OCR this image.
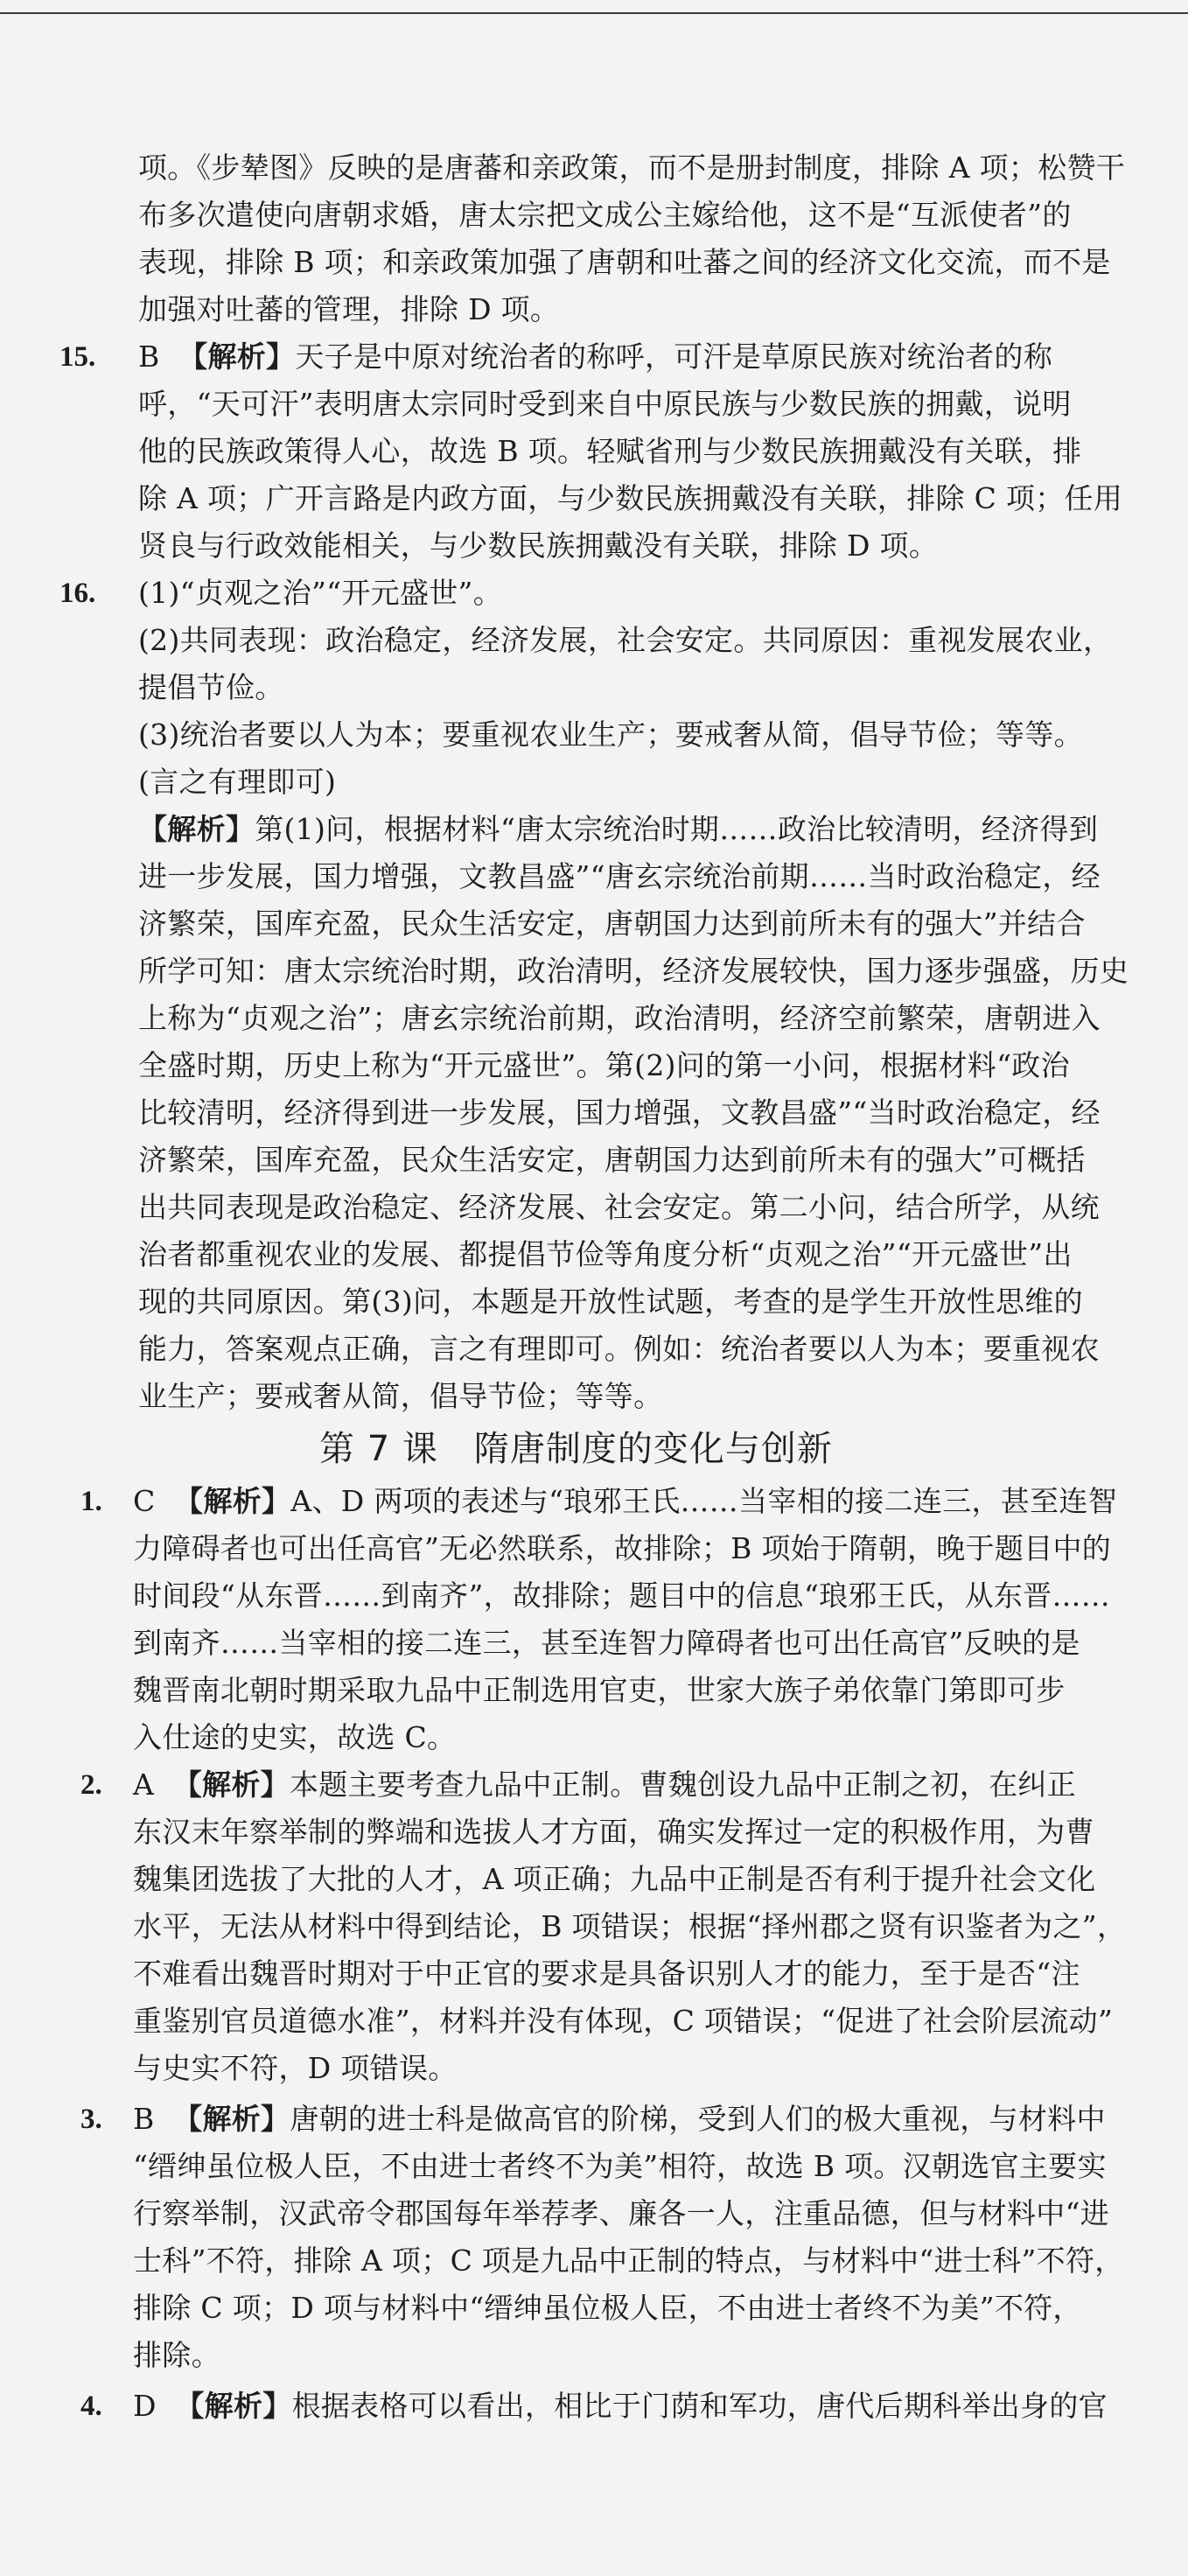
项。《步辇图》反映的是唐蕃和亲政策，而不是册封制度，排除 A 项；松赞干
布多次遣使向唐朝求婚，唐太宗把文成公主嫁给他，这不是“互派使者”的
表现，排除 B 项；和亲政策加强了唐朝和吐蕃之间的经济文化交流，而不是
加强对吐蕃的管理，排除 D 项。
15. B 【解析】天子是中原对统治者的称呼，可汗是草原民族对统治者的称
呼，“天可汗”表明唐太宗同时受到来自中原民族与少数民族的拥戴，说明
他的民族政策得人心，故选 B 项。轻赋省刑与少数民族拥戴没有关联，排
除 A 项；广开言路是内政方面，与少数民族拥戴没有关联，排除 C 项；任用
贤良与行政效能相关，与少数民族拥戴没有关联，排除 D 项。
16. (1)“贞观之治”“开元盛世”。
(2)共同表现：政治稳定，经济发展，社会安定。共同原因：重视发展农业，
提倡节俭。
(3)统治者要以人为本；要重视农业生产；要戒奢从简，倡导节俭；等等。
(言之有理即可)
【解析】第(1)问，根据材料“唐太宗统治时期……政治比较清明，经济得到
进一步发展，国力增强，文教昌盛”“唐玄宗统治前期……当时政治稳定，经
济繁荣，国库充盈，民众生活安定，唐朝国力达到前所未有的强大”并结合
所学可知：唐太宗统治时期，政治清明，经济发展较快，国力逐步强盛，历史
上称为“贞观之治”；唐玄宗统治前期，政治清明，经济空前繁荣，唐朝进入
全盛时期，历史上称为“开元盛世”。第(2)问的第一小问，根据材料“政治
比较清明，经济得到进一步发展，国力增强，文教昌盛”“当时政治稳定，经
济繁荣，国库充盈，民众生活安定，唐朝国力达到前所未有的强大”可概括
出共同表现是政治稳定、经济发展、社会安定。第二小问，结合所学，从统
治者都重视农业的发展、都提倡节俭等角度分析“贞观之治”“开元盛世”出
现的共同原因。第(3)问，本题是开放性试题，考查的是学生开放性思维的
能力，答案观点正确，言之有理即可。例如：统治者要以人为本；要重视农
业生产；要戒奢从简，倡导节俭；等等。
第 7 课　隋唐制度的变化与创新
1. C 【解析】A、D 两项的表述与“琅邪王氏……当宰相的接二连三，甚至连智
力障碍者也可出任高官”无必然联系，故排除；B 项始于隋朝，晚于题目中的
时间段“从东晋……到南齐”，故排除；题目中的信息“琅邪王氏，从东晋……
到南齐……当宰相的接二连三，甚至连智力障碍者也可出任高官”反映的是
魏晋南北朝时期采取九品中正制选用官吏，世家大族子弟依靠门第即可步
入仕途的史实，故选 C。
2. A 【解析】本题主要考查九品中正制。曹魏创设九品中正制之初，在纠正
东汉末年察举制的弊端和选拔人才方面，确实发挥过一定的积极作用，为曹
魏集团选拔了大批的人才，A 项正确；九品中正制是否有利于提升社会文化
水平，无法从材料中得到结论，B 项错误；根据“择州郡之贤有识鉴者为之”，
不难看出魏晋时期对于中正官的要求是具备识别人才的能力，至于是否“注
重鉴别官员道德水准”，材料并没有体现，C 项错误；“促进了社会阶层流动”
与史实不符，D 项错误。
3. B 【解析】唐朝的进士科是做高官的阶梯，受到人们的极大重视，与材料中
“缙绅虽位极人臣，不由进士者终不为美”相符，故选 B 项。汉朝选官主要实
行察举制，汉武帝令郡国每年举荐孝、廉各一人，注重品德，但与材料中“进
士科”不符，排除 A 项；C 项是九品中正制的特点，与材料中“进士科”不符，
排除 C 项；D 项与材料中“缙绅虽位极人臣，不由进士者终不为美”不符，
排除。
4. D 【解析】根据表格可以看出，相比于门荫和军功，唐代后期科举出身的官
